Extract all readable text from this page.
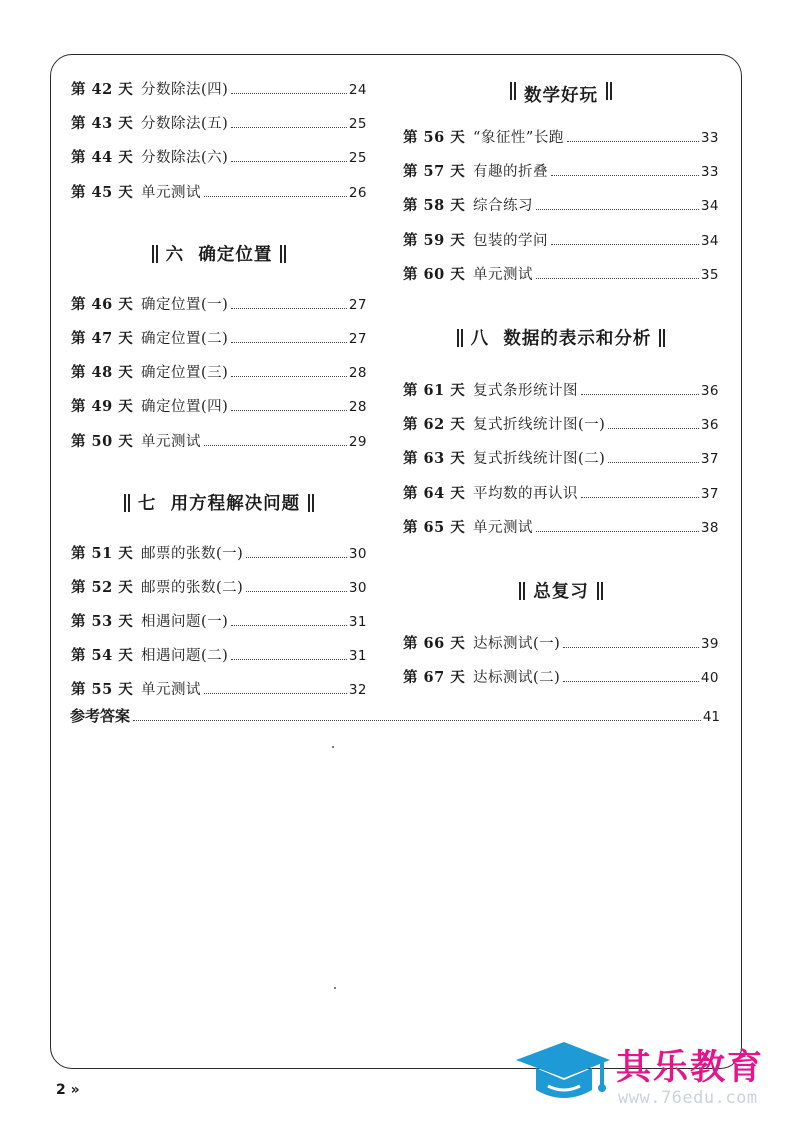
第 42 天 分数除法(四)	24
第 43 天 分数除法(五)	25
第 44 天 分数除法(六)	25
第 45 天 单元测试	26
六  确定位置
第 46 天 确定位置(一)	27
第 47 天 确定位置(二)	27
第 48 天 确定位置(三)	28
第 49 天 确定位置(四)	28
第 50 天 单元测试	29
七  用方程解决问题
第 51 天 邮票的张数(一)	30
第 52 天 邮票的张数(二)	30
第 53 天 相遇问题(一)	31
第 54 天 相遇问题(二)	31
第 55 天 单元测试	32
数学好玩
第 56 天 “象征性”长跑	33
第 57 天 有趣的折叠	33
第 58 天 综合练习	34
第 59 天 包装的学问	34
第 60 天 单元测试	35
八  数据的表示和分析
第 61 天 复式条形统计图	36
第 62 天 复式折线统计图(一)	36
第 63 天 复式折线统计图(二)	37
第 64 天 平均数的再认识	37
第 65 天 单元测试	38
总复习
第 66 天 达标测试(一)	39
第 67 天 达标测试(二)	40
参考答案	41
2 »
其乐教育
www.76edu.com
